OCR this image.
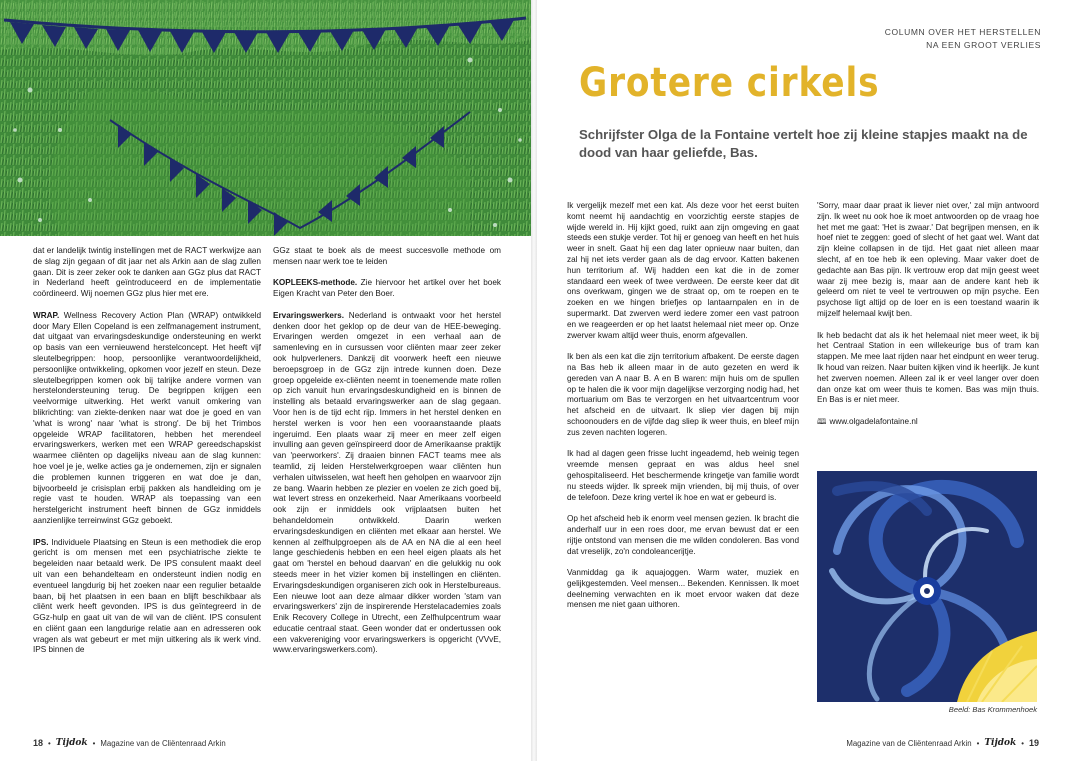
dat er landelijk twintig instellingen met de RACT werkwijze aan de slag zijn gegaan of dit jaar net als Arkin aan de slag zullen gaan. Dit is zeer zeker ook te danken aan GGz plus dat RACT in Nederland heeft geïntroduceerd en de implementatie coördineerd. Wij noemen GGz plus hier met ere.

WRAP. Wellness Recovery Action Plan (WRAP) ontwikkeld door Mary Ellen Copeland is een zelfmanagement instrument, dat uitgaat van ervaringsdeskundige ondersteuning en werkt op basis van een vernieuwend herstelconcept. Het heeft vijf sleutelbegrippen: hoop, persoonlijke verantwoordelijkheid, persoonlijke ontwikkeling, opkomen voor jezelf en steun. Deze sleutelbegrippen komen ook bij talrijke andere vormen van herstelondersteuning terug. De begrippen krijgen een veelvormige uitwerking. Het werkt vanuit omkering van blikrichting: van ziekte-denken naar wat doe je goed en van 'what is wrong' naar 'what is strong'. De bij het Trimbos opgeleide WRAP facilitatoren, hebben het merendeel ervaringswerkers, werken met een WRAP gereedschapskist waarmee cliënten op dagelijks niveau aan de slag kunnen: hoe voel je je, welke acties ga je ondernemen, zijn er signalen die problemen kunnen triggeren en wat doe je dan, bijvoorbeeld je crisisplan erbij pakken als handleiding om je regie vast te houden. WRAP als toepassing van een herstelgericht instrument heeft binnen de GGz inmiddels aanzienlijke terreinwinst GGz geboekt.

IPS. Individuele Plaatsing en Steun is een methodiek die erop gericht is om mensen met een psychiatrische ziekte te begeleiden naar betaald werk. De IPS consulent maakt deel uit van een behandelteam en ondersteunt indien nodig en eventueel langdurig bij het zoeken naar een regulier betaalde baan, bij het plaatsen in een baan en blijft beschikbaar als cliënt werk heeft gevonden. IPS is dus geïntegreerd in de GGz-hulp en gaat uit van de wil van de cliënt. IPS consulent en cliënt gaan een langdurige relatie aan en adresseren ook vragen als wat gebeurt er met mijn uitkering als ik werk vind. IPS binnen de

GGz staat te boek als de meest succesvolle methode om mensen naar werk toe te leiden

KOPLEEKS-methode. Zie hiervoor het artikel over het boek Eigen Kracht van Peter den Boer.

Ervaringswerkers. Nederland is ontwaakt voor het herstel denken door het geklop op de deur van de HEE-beweging. Ervaringen werden omgezet in een verhaal aan de samenleving en in cursussen voor cliënten maar zeer zeker ook hulpverleners. Dankzij dit voorwerk heeft een nieuwe beroepsgroep in de GGz zijn intrede kunnen doen. Deze groep opgeleide ex-cliënten neemt in toenemende mate rollen op zich vanuit hun ervaringsdeskundigheid en is binnen de instelling als betaald ervaringswerker aan de slag gegaan. Voor hen is de tijd echt rijp. Immers in het herstel denken en herstel werken is voor hen een vooraanstaande plaats ingeruimd. Een plaats waar zij meer en meer zelf eigen invulling aan geven geïnspireerd door de Amerikaanse praktijk van 'peerworkers'. Zij draaien binnen FACT teams mee als teamlid, zij leiden Herstelwerkgroepen waar cliënten hun verhalen uitwisselen, wat heeft hen geholpen en waarvoor zijn ze bang. Waarin hebben ze plezier en voelen ze zich goed bij, wat levert stress en onzekerheid. Naar Amerikaans voorbeeld ook zijn er inmiddels ook vrijplaatsen buiten het behandeldomein ontwikkeld. Daarin werken ervaringsdeskundigen en cliënten met elkaar aan herstel. We kennen al zelfhulpgroepen als de AA en NA die al een heel lange geschiedenis hebben en een heel eigen plaats als het gaat om 'herstel en behoud daarvan' en die gelukkig nu ook steeds meer in het vizier komen bij instellingen en cliënten. Ervaringsdeskundigen organiseren zich ook in Herstelbureaus. Een nieuwe loot aan deze almaar dikker worden 'stam van ervaringswerkers' zijn de inspirerende Herstelacademies zoals Enik Recovery College in Utrecht, een Zelfhulpcentrum waar educatie centraal staat. Geen wonder dat er ondertussen ook een vakvereniging voor ervaringswerkers is opgericht (VVvE, www.ervaringswerkers.com).

18 • Tijdok • Magazine van de Cliëntenraad Arkin
COLUMN OVER HET HERSTELLEN
NA EEN GROOT VERLIES
Grotere cirkels
Schrijfster Olga de la Fontaine vertelt hoe zij kleine stapjes maakt na de dood van haar geliefde, Bas.

Ik vergelijk mezelf met een kat. Als deze voor het eerst buiten komt neemt hij aandachtig en voorzichtig eerste stapjes de wijde wereld in. Hij kijkt goed, ruikt aan zijn omgeving en gaat steeds een stukje verder. Tot hij er genoeg van heeft en het huis weer in snelt. Gaat hij een dag later opnieuw naar buiten, dan zal hij net iets verder gaan als de dag ervoor. Katten bakenen hun territorium af. Wij hadden een kat die in de zomer standaard een week of twee verdween. De eerste keer dat dit ons overkwam, gingen we de straat op, om te roepen en te zoeken en we hingen briefjes op lantaarnpalen en in de supermarkt. Dat zwerven werd iedere zomer een vast patroon en we reageerden er op het laatst helemaal niet meer op. Onze zwerver kwam altijd weer thuis, enorm afgevallen.

Ik ben als een kat die zijn territorium afbakent. De eerste dagen na Bas heb ik alleen maar in de auto gezeten en werd ik gereden van A naar B. A en B waren: mijn huis om de spullen op te halen die ik voor mijn dagelijkse verzorging nodig had, het mortuarium om Bas te verzorgen en het uitvaartcentrum voor het afscheid en de uitvaart. Ik sliep vier dagen bij mijn schoonouders en de vijfde dag sliep ik weer thuis, en bleef mijn zus zeven nachten logeren.

Ik had al dagen geen frisse lucht ingeademd, heb weinig tegen vreemde mensen gepraat en was aldus heel snel gehospitaliseerd. Het beschermende kringetje van familie wordt nu steeds wijder. Ik spreek mijn vrienden, bij mij thuis, of over de telefoon. Deze kring vertel ik hoe en wat er gebeurd is.

Op het afscheid heb ik enorm veel mensen gezien. Ik bracht die anderhalf uur in een roes door, me ervan bewust dat er een rijtje ontstond van mensen die me wilden condoleren. Bas vond dat vreselijk, zo'n condoleancerijtje.

Vanmiddag ga ik aquajoggen. Warm water, muziek en gelijkgestemden. Veel mensen... Bekenden. Kennissen. Ik moet deelneming verwachten en ik moet ervoor waken dat deze mensen me niet gaan uithoren.

'Sorry, maar daar praat ik liever niet over,' zal mijn antwoord zijn. Ik weet nu ook hoe ik moet antwoorden op de vraag hoe het met me gaat: 'Het is zwaar.' Dat begrijpen mensen, en ik hoef niet te zeggen: goed of slecht of het gaat wel. Want dat zijn kleine collapsen in de tijd. Het gaat niet alleen maar slecht, af en toe heb ik een opleving. Maar vaker doet de gedachte aan Bas pijn. Ik vertrouw erop dat mijn geest weet waar zij mee bezig is, maar aan de andere kant heb ik geleerd om niet te veel te vertrouwen op mijn psyche. Een psychose ligt altijd op de loer en is een toestand waarin ik mijzelf helemaal kwijt ben.

Ik heb bedacht dat als ik het helemaal niet meer weet, ik bij het Centraal Station in een willekeurige bus of tram kan stappen. Me mee laat rijden naar het eindpunt en weer terug. Ik houd van reizen. Naar buiten kijken vind ik heerlijk. Je kunt het zwerven noemen. Alleen zal ik er veel langer over doen dan onze kat om weer thuis te komen. Bas was mijn thuis. En Bas is er niet meer.

🕮 www.olgadelafontaine.nl

Beeld: Bas Krommenhoek
Magazine van de Cliëntenraad Arkin • Tijdok • 19
